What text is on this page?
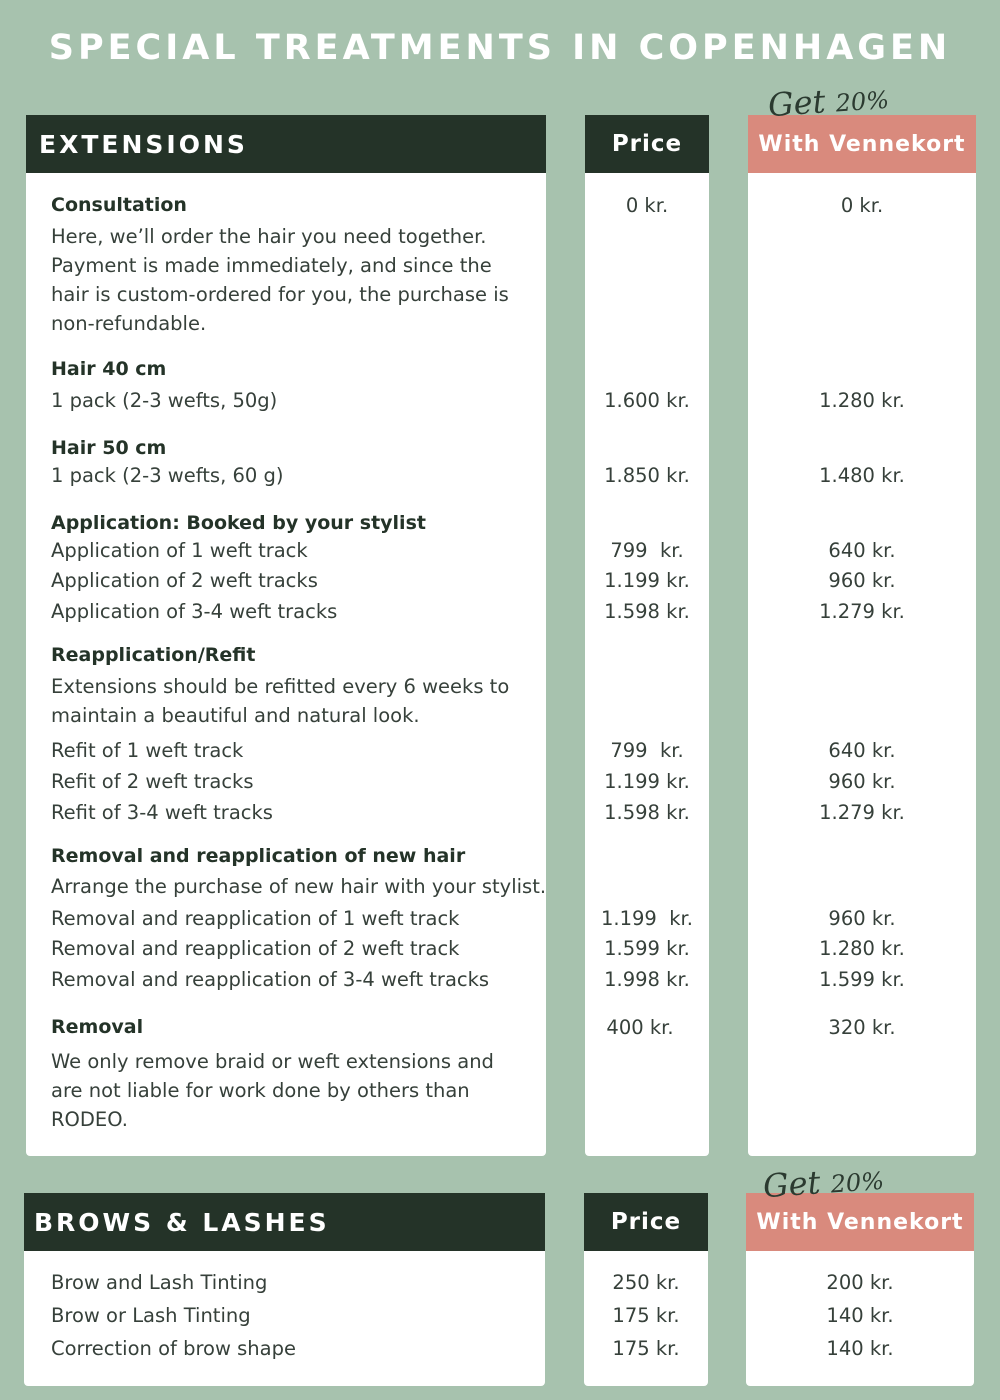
SPECIAL TREATMENTS IN COPENHAGEN
EXTENSIONS	Price	With Vennekort
Get 20%
Consultation	0 kr.	0 kr.
Here, we’ll order the hair you need together. Payment is made immediately, and since the hair is custom-ordered for you, the purchase is non-refundable.
Hair 40 cm
1 pack (2-3 wefts, 50g)	1.600 kr.	1.280 kr.
Hair 50 cm
1 pack (2-3 wefts, 60 g)	1.850 kr.	1.480 kr.
Application: Booked by your stylist
Application of 1 weft track	799  kr.	640 kr.
Application of 2 weft tracks	1.199 kr.	960 kr.
Application of 3-4 weft tracks	1.598 kr.	1.279 kr.
Reapplication/Refit
Extensions should be refitted every 6 weeks to maintain a beautiful and natural look.
Refit of 1 weft track	799  kr.	640 kr.
Refit of 2 weft tracks	1.199 kr.	960 kr.
Refit of 3-4 weft tracks	1.598 kr.	1.279 kr.
Removal and reapplication of new hair
Arrange the purchase of new hair with your stylist.
Removal and reapplication of 1 weft track	1.199  kr.	960 kr.
Removal and reapplication of 2 weft track	1.599 kr.	1.280 kr.
Removal and reapplication of 3-4 weft tracks	1.998 kr.	1.599 kr.
Removal	400 kr.	320 kr.
We only remove braid or weft extensions and are not liable for work done by others than RODEO.
BROWS & LASHES	Price	With Vennekort
Get 20%
Brow and Lash Tinting	250 kr.	200 kr.
Brow or Lash Tinting	175 kr.	140 kr.
Correction of brow shape	175 kr.	140 kr.
